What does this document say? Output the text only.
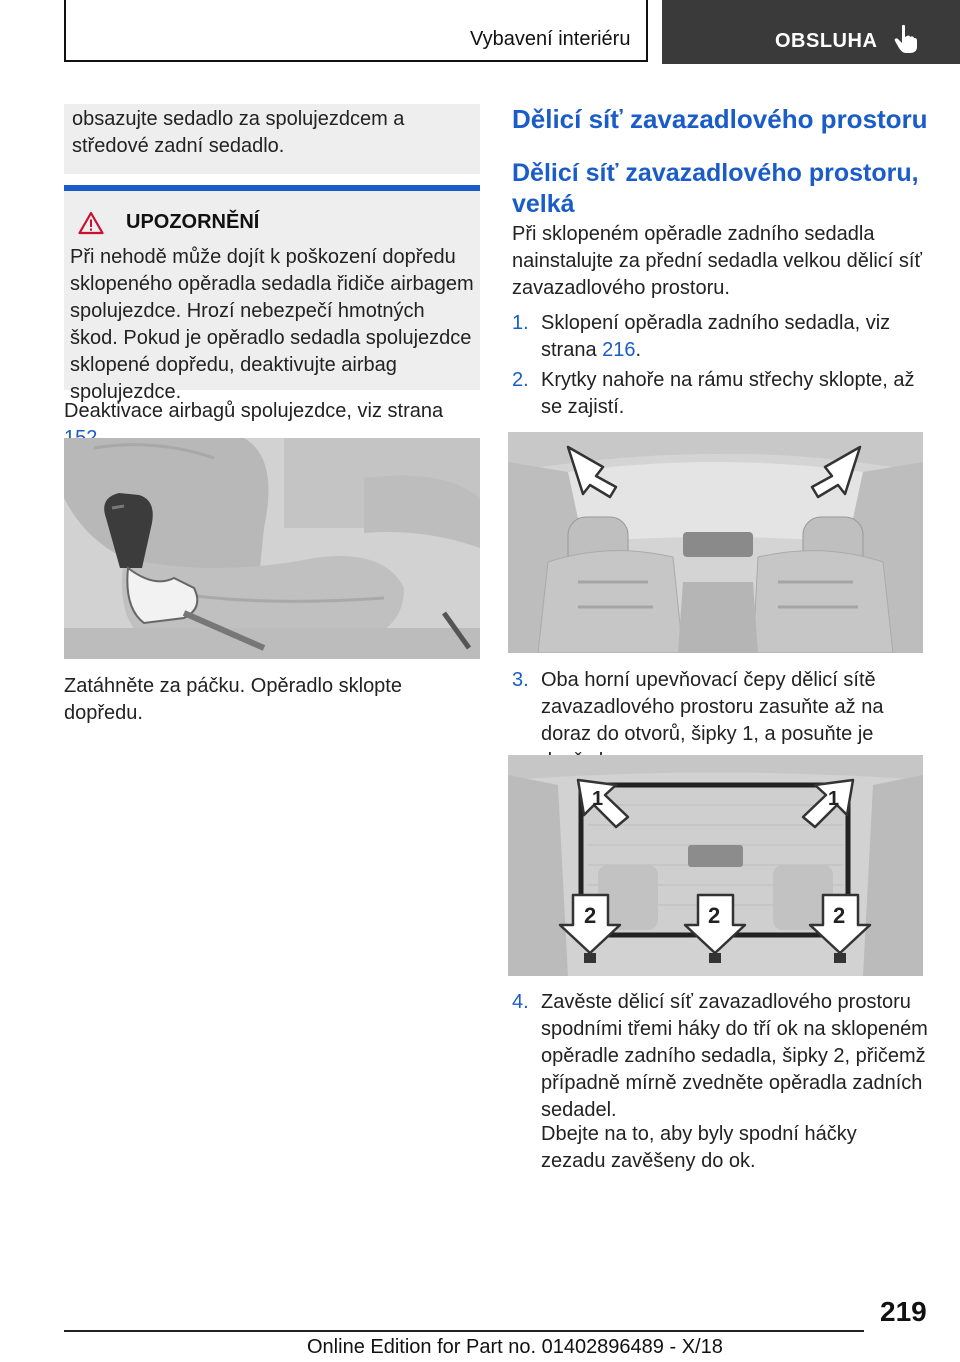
Vybavení interiéru	OBSLUHA

obsazujte sedadlo za spolujezdcem a středové zadní sedadlo.

UPOZORNĚNÍ

Při nehodě může dojít k poškození dopředu sklopeného opěradla sedadla řidiče airbagem spolujezdce. Hrozí nebezpečí hmotných škod. Pokud je opěradlo sedadla spolujezdce sklopené dopředu, deaktivujte airbag spolujezdce.

Deaktivace airbagů spolujezdce, viz strana

Zatáhněte za páčku. Opěradlo sklopte dopředu.

Dělicí síť zavazadlového prostoru
Dělicí síť zavazadlového prostoru, velká

Při sklopeném opěradle zadního sedadla nainstalujte za přední sedadla velkou dělicí síť zavazadlového prostoru.

1. Sklopení opěradla zadního sedadla, viz strana 216.
2. Krytky nahoře na rámu střechy sklopte, až se zajistí.
3. Oba horní upevňovací čepy dělicí sítě zavazadlového prostoru zasuňte až na doraz do otvorů, šipky 1, a posuňte je
1	1
2	2	2
4. Zavěste dělicí síť zavazadlového prostoru spodními třemi háky do tří ok na sklopeném opěradle zadního sedadla, šipky 2, přičemž případně mírně zvedněte opěradla zadních sedadel.

Dbejte na to, aby byly spodní háčky zezadu zavěšeny do ok.

219
Online Edition for Part no. 01402896489 - X/18
